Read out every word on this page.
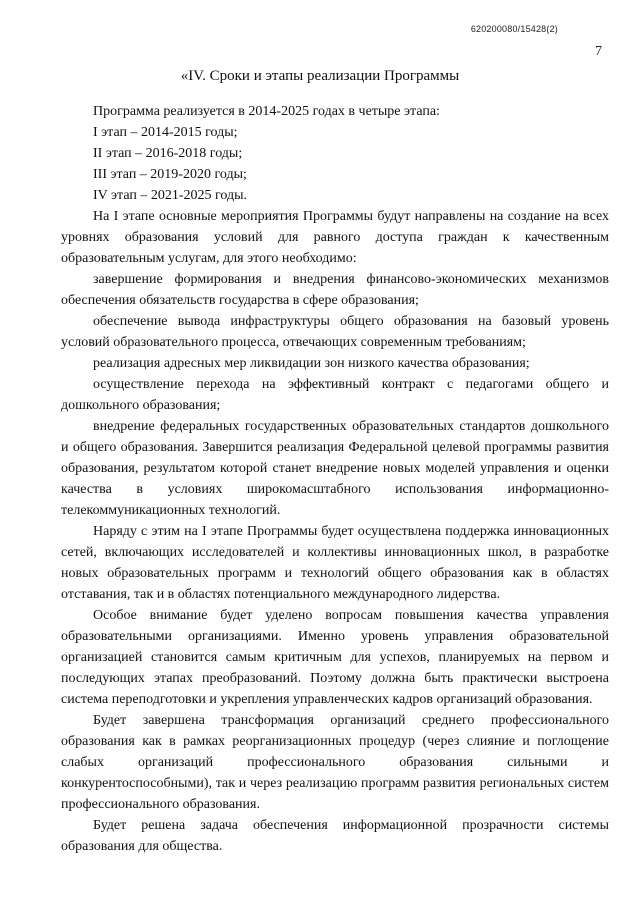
620200080/15428(2)
7
«IV. Сроки и этапы реализации Программы
Программа реализуется в 2014-2025 годах в четыре этапа:
I этап – 2014-2015 годы;
II этап – 2016-2018 годы;
III этап – 2019-2020 годы;
IV этап – 2021-2025 годы.

На I этапе основные мероприятия Программы будут направлены на создание на всех уровнях образования условий для равного доступа граждан к качественным образовательным услугам, для этого необходимо:

завершение формирования и внедрения финансово-экономических механизмов обеспечения обязательств государства в сфере образования;

обеспечение вывода инфраструктуры общего образования на базовый уровень условий образовательного процесса, отвечающих современным требованиям;

реализация адресных мер ликвидации зон низкого качества образования;

осуществление перехода на эффективный контракт с педагогами общего и дошкольного образования;

внедрение федеральных государственных образовательных стандартов дошкольного и общего образования. Завершится реализация Федеральной целевой программы развития образования, результатом которой станет внедрение новых моделей управления и оценки качества в условиях широкомасштабного использования информационно-телекоммуникационных технологий.

Наряду с этим на I этапе Программы будет осуществлена поддержка инновационных сетей, включающих исследователей и коллективы инновационных школ, в разработке новых образовательных программ и технологий общего образования как в областях отставания, так и в областях потенциального международного лидерства.

Особое внимание будет уделено вопросам повышения качества управления образовательными организациями. Именно уровень управления образовательной организацией становится самым критичным для успехов, планируемых на первом и последующих этапах преобразований. Поэтому должна быть практически выстроена система переподготовки и укрепления управленческих кадров организаций образования.

Будет завершена трансформация организаций среднего профессионального образования как в рамках реорганизационных процедур (через слияние и поглощение слабых организаций профессионального образования сильными и конкурентоспособными), так и через реализацию программ развития региональных систем профессионального образования.

Будет решена задача обеспечения информационной прозрачности системы образования для общества.
